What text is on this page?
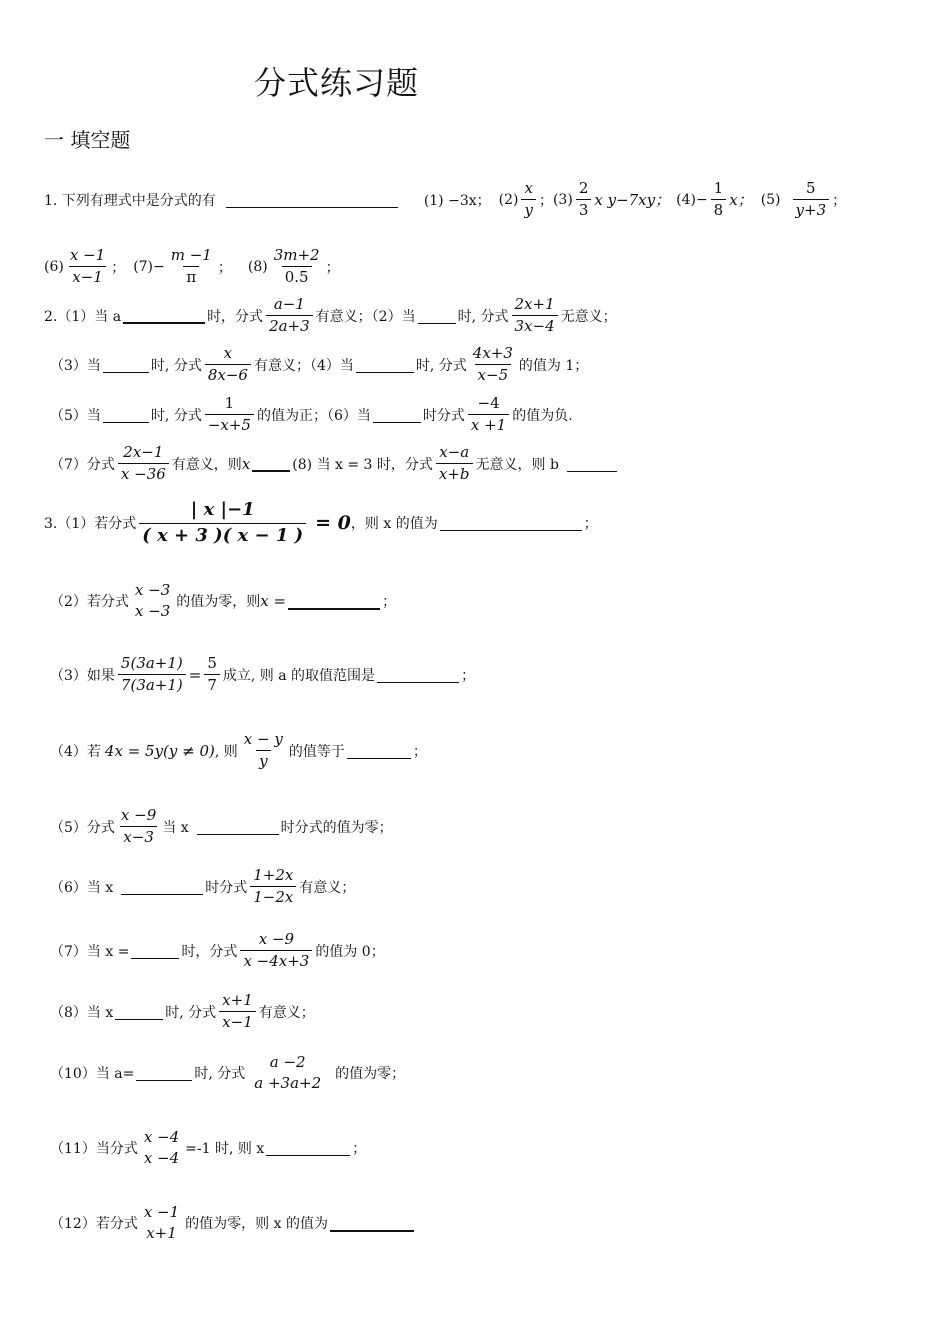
分式练习题
一 填空题
1. 下列有理式中是分式的有	(1) −3x； (2)
x
y
； (3)
2
3
x y−7xy； $(4)- \frac{1}{8}$ x； (5)
5
y+3
；
(6)
x −1
x−1
； $(7)- \frac{m -1}{\pi}$ ； (8)
3m+2
0.5
；
2.（1）当 a	时，分式
a−1
2a+3
有意义；（2）当	时, 分式
2x+1
3x−4
无意义；
（3）当	时, 分式
x
8x−6
有意义；（4）当	时, 分式
4x+3
x−5
的值为 1；
（5）当	时, 分式
1
−x+5
的值为正；（6）当	时分式
−4
x +1
的值为负.
（7）分式
2x−1
x −36
有意义，则 x	(8) 当 x = 3 时，分式
x−a
x+b
无意义，则 b
3.（1）若分式 $\frac{| x |-1}{( x + 3 )( x - 1 )} = 0$ ，则 x 的值为	；
（2）若分式
x −3
x −3 的值为零，则 x =	；
（3）如果 $\frac{5(3a+1)}{7(3a+1)} = \frac{5}{7}$ 成立, 则 a 的取值范围是	；
（4）若 4x = 5y(y ≠ 0) , 则
x − y
y
的值等于	；
（5）分式
x −9
x−3
当 x	时分式的值为零；
（6）当 x	时分式
1+2x
1−2x
有意义；
（7）当 x =	时，分式
x −9
x −4x+3
的值为 0；
（8）当 x	时, 分式
x+1
x−1
有意义；
（10）当 a=	时, 分式
a −2
a +3a+2 的值为零；
（11）当分式
x −4
x −4 =-1 时, 则 x	；
（12）若分式
x −1
x+1 的值为零，则 x 的值为
